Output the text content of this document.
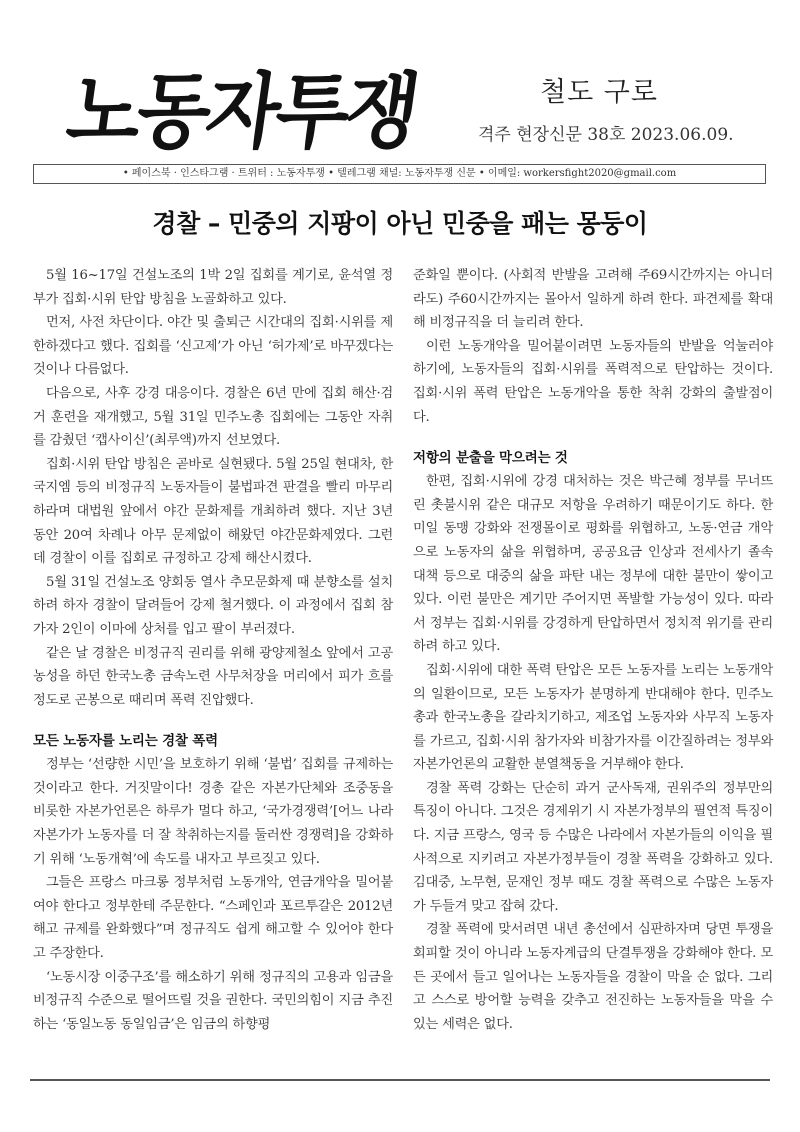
노동자투쟁	철도 구로
격주 현장신문 38호 2023.06.09.
• 페이스북 · 인스타그램 · 트위터 : 노동자투쟁 • 텔레그램 채널: 노동자투쟁 신문 • 이메일: workersfight2020@gmail.com
경찰 – 민중의 지팡이 아닌 민중을 패는 몽둥이

5월 16~17일 건설노조의 1박 2일 집회를 계기로, 윤석열 정부가 집회·시위 탄압 방침을 노골화하고 있다.

먼저, 사전 차단이다. 야간 및 출퇴근 시간대의 집회·시위를 제한하겠다고 했다. 집회를 ‘신고제’가 아닌 ‘허가제’로 바꾸겠다는 것이나 다름없다.

다음으로, 사후 강경 대응이다. 경찰은 6년 만에 집회 해산·검거 훈련을 재개했고, 5월 31일 민주노총 집회에는 그동안 자취를 감췄던 ‘캡사이신’(최루액)까지 선보였다.

집회·시위 탄압 방침은 곧바로 실현됐다. 5월 25일 현대차, 한국지엠 등의 비정규직 노동자들이 불법파견 판결을 빨리 마무리하라며 대법원 앞에서 야간 문화제를 개최하려 했다. 지난 3년 동안 20여 차례나 아무 문제없이 해왔던 야간문화제였다. 그런데 경찰이 이를 집회로 규정하고 강제 해산시켰다.

5월 31일 건설노조 양회동 열사 추모문화제 때 분향소를 설치하려 하자 경찰이 달려들어 강제 철거했다. 이 과정에서 집회 참가자 2인이 이마에 상처를 입고 팔이 부러졌다.

같은 날 경찰은 비정규직 권리를 위해 광양제철소 앞에서 고공농성을 하던 한국노총 금속노련 사무처장을 머리에서 피가 흐를 정도로 곤봉으로 때리며 폭력 진압했다.

모든 노동자를 노리는 경찰 폭력

정부는 ‘선량한 시민’을 보호하기 위해 ‘불법’ 집회를 규제하는 것이라고 한다. 거짓말이다! 경총 같은 자본가단체와 조중동을 비롯한 자본가언론은 하루가 멀다 하고, ‘국가경쟁력’[어느 나라 자본가가 노동자를 더 잘 착취하는지를 둘러싼 경쟁력]을 강화하기 위해 ‘노동개혁’에 속도를 내자고 부르짖고 있다.

그들은 프랑스 마크롱 정부처럼 노동개악, 연금개악을 밀어붙여야 한다고 정부한테 주문한다. “스페인과 포르투갈은 2012년 해고 규제를 완화했다”며 정규직도 쉽게 해고할 수 있어야 한다고 주장한다.

‘노동시장 이중구조’를 해소하기 위해 정규직의 고용과 임금을 비정규직 수준으로 떨어뜨릴 것을 권한다. 국민의힘이 지금 추진하는 ‘동일노동 동일임금’은 임금의 하향평

준화일 뿐이다. (사회적 반발을 고려해 주69시간까지는 아니더라도) 주60시간까지는 몰아서 일하게 하려 한다. 파견제를 확대해 비정규직을 더 늘리려 한다.

이런 노동개악을 밀어붙이려면 노동자들의 반발을 억눌러야 하기에, 노동자들의 집회·시위를 폭력적으로 탄압하는 것이다. 집회·시위 폭력 탄압은 노동개악을 통한 착취 강화의 출발점이다.

저항의 분출을 막으려는 것

한편, 집회·시위에 강경 대처하는 것은 박근혜 정부를 무너뜨린 촛불시위 같은 대규모 저항을 우려하기 때문이기도 하다. 한미일 동맹 강화와 전쟁몰이로 평화를 위협하고, 노동·연금 개악으로 노동자의 삶을 위협하며, 공공요금 인상과 전세사기 졸속 대책 등으로 대중의 삶을 파탄 내는 정부에 대한 불만이 쌓이고 있다. 이런 불만은 계기만 주어지면 폭발할 가능성이 있다. 따라서 정부는 집회·시위를 강경하게 탄압하면서 정치적 위기를 관리하려 하고 있다.

집회·시위에 대한 폭력 탄압은 모든 노동자를 노리는 노동개악의 일환이므로, 모든 노동자가 분명하게 반대해야 한다. 민주노총과 한국노총을 갈라치기하고, 제조업 노동자와 사무직 노동자를 가르고, 집회·시위 참가자와 비참가자를 이간질하려는 정부와 자본가언론의 교활한 분열책동을 거부해야 한다.

경찰 폭력 강화는 단순히 과거 군사독재, 권위주의 정부만의 특징이 아니다. 그것은 경제위기 시 자본가정부의 필연적 특징이다. 지금 프랑스, 영국 등 수많은 나라에서 자본가들의 이익을 필사적으로 지키려고 자본가정부들이 경찰 폭력을 강화하고 있다. 김대중, 노무현, 문재인 정부 때도 경찰 폭력으로 수많은 노동자가 두들겨 맞고 잡혀 갔다.

경찰 폭력에 맞서려면 내년 총선에서 심판하자며 당면 투쟁을 회피할 것이 아니라 노동자계급의 단결투쟁을 강화해야 한다. 모든 곳에서 들고 일어나는 노동자들을 경찰이 막을 순 없다. 그리고 스스로 방어할 능력을 갖추고 전진하는 노동자들을 막을 수 있는 세력은 없다.
